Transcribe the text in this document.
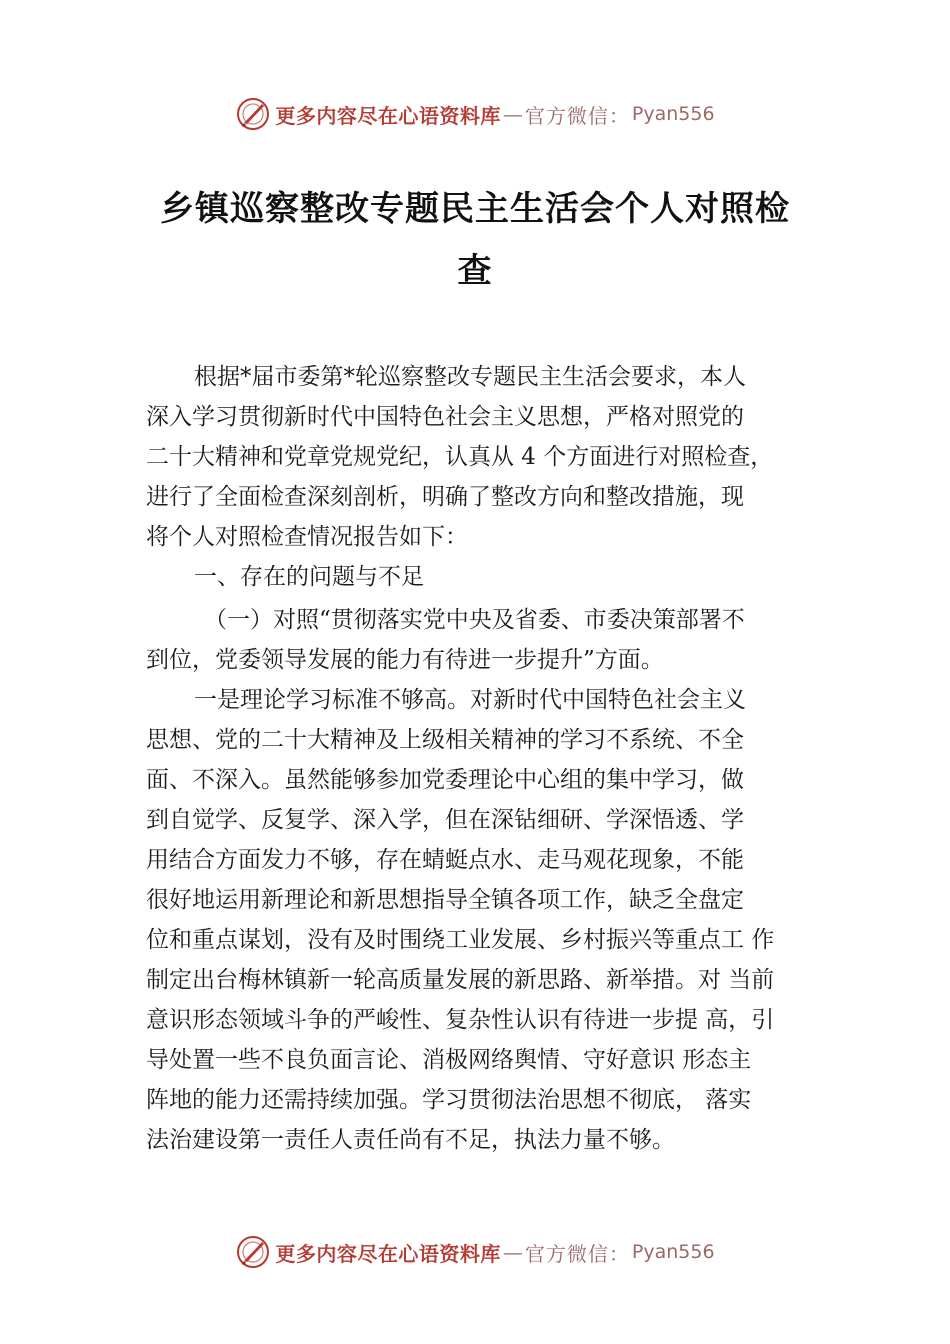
更多内容尽在心语资料库 — 官方微信： Pyan556
乡镇巡察整改专题民主生活会个人对照检
查
根据*届市委第*轮巡察整改专题民主生活会要求，本人
深入学习贯彻新时代中国特色社会主义思想，严格对照党的
二十大精神和党章党规党纪，认真从 4 个方面进行对照检查，
进行了全面检查深刻剖析，明确了整改方向和整改措施，现
将个人对照检查情况报告如下：
一、存在的问题与不足
（一）对照“贯彻落实党中央及省委、市委决策部署不
到位，党委领导发展的能力有待进一步提升”方面。
一是理论学习标准不够高。对新时代中国特色社会主义
思想、党的二十大精神及上级相关精神的学习不系统、不全
面、不深入。虽然能够参加党委理论中心组的集中学习，做
到自觉学、反复学、深入学，但在深钻细研、学深悟透、学
用结合方面发力不够，存在蜻蜓点水、走马观花现象，不能
很好地运用新理论和新思想指导全镇各项工作，缺乏全盘定
位和重点谋划，没有及时围绕工业发展、乡村振兴等重点工 作
制定出台梅林镇新一轮高质量发展的新思路、新举措。对 当前
意识形态领域斗争的严峻性、复杂性认识有待进一步提 高，引
导处置一些不良负面言论、消极网络舆情、守好意识 形态主
阵地的能力还需持续加强。学习贯彻法治思想不彻底， 落实
法治建设第一责任人责任尚有不足，执法力量不够。
更多内容尽在心语资料库 — 官方微信： Pyan556
